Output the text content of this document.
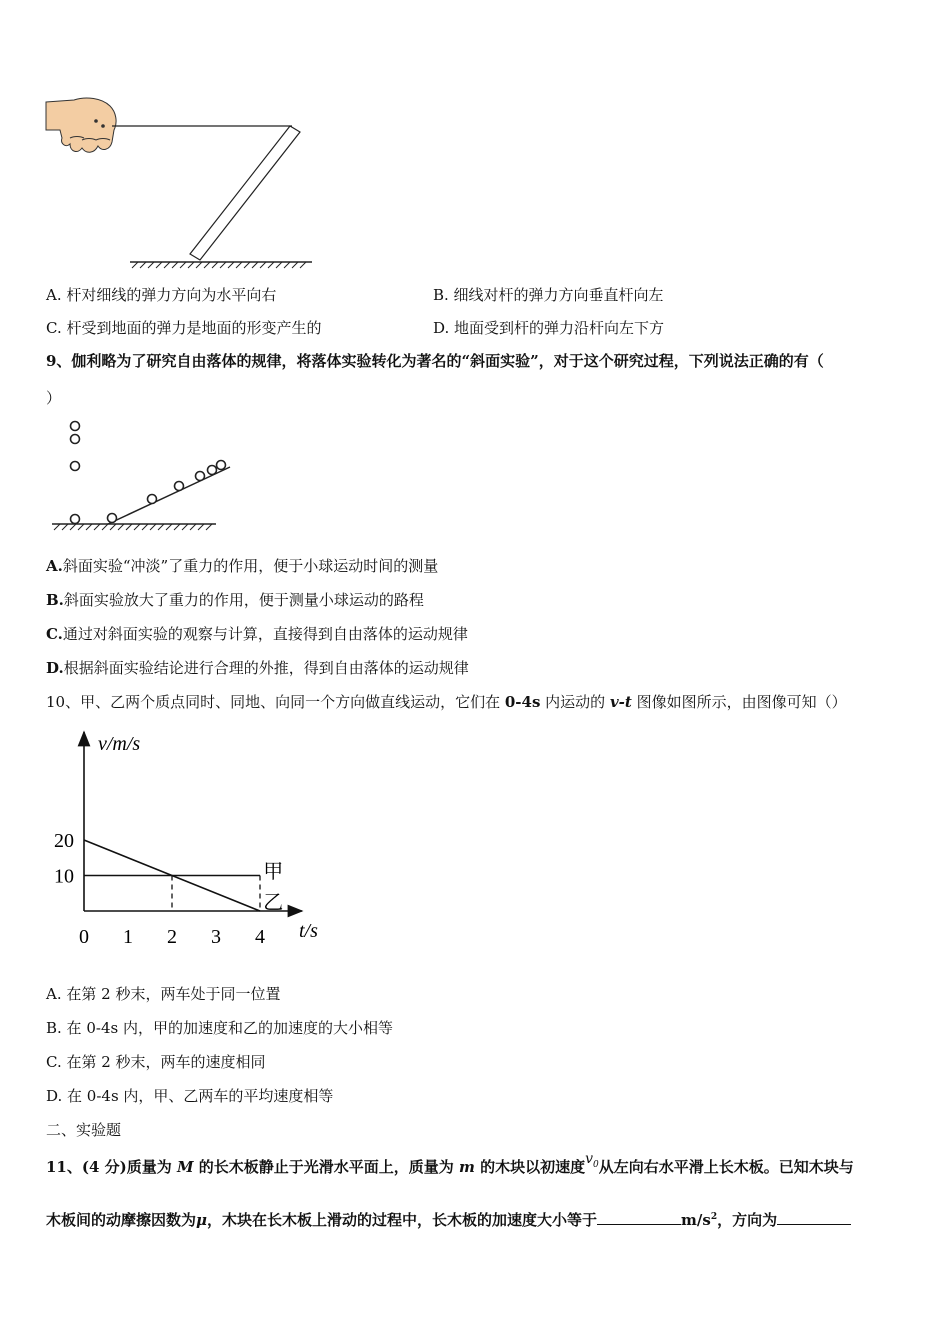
A. 杆对细线的弹力方向为水平向右	B. 细线对杆的弹力方向垂直杆向左
C. 杆受到地面的弹力是地面的形变产生的	D. 地面受到杆的弹力沿杆向左下方
9、伽利略为了研究自由落体的规律，将落体实验转化为著名的“斜面实验”，对于这个研究过程，下列说法正确的有（
）
A.斜面实验“冲淡”了重力的作用，便于小球运动时间的测量
B.斜面实验放大了重力的作用，便于测量小球运动的路程
C.通过对斜面实验的观察与计算，直接得到自由落体的运动规律
D.根据斜面实验结论进行合理的外推，得到自由落体的运动规律
10、甲、乙两个质点同时、同地、向同一个方向做直线运动，它们在 0-4s 内运动的 v-t 图像如图所示，由图像可知（）
v/m/s
t/s
0 1 2 3 4
10
20
甲
乙
A. 在第 2 秒末，两车处于同一位置
B. 在 0-4s 内，甲的加速度和乙的加速度的大小相等
C. 在第 2 秒末，两车的速度相同
D. 在 0-4s 内，甲、乙两车的平均速度相等
二、实验题
11、(4 分)质量为 M 的长木板静止于光滑水平面上，质量为 m 的木块以初速度$v_0$从左向右水平滑上长木板。已知木块与
木板间的动摩擦因数为μ，木块在长木板上滑动的过程中，长木板的加速度大小等于	$m/s^2$，方向为
